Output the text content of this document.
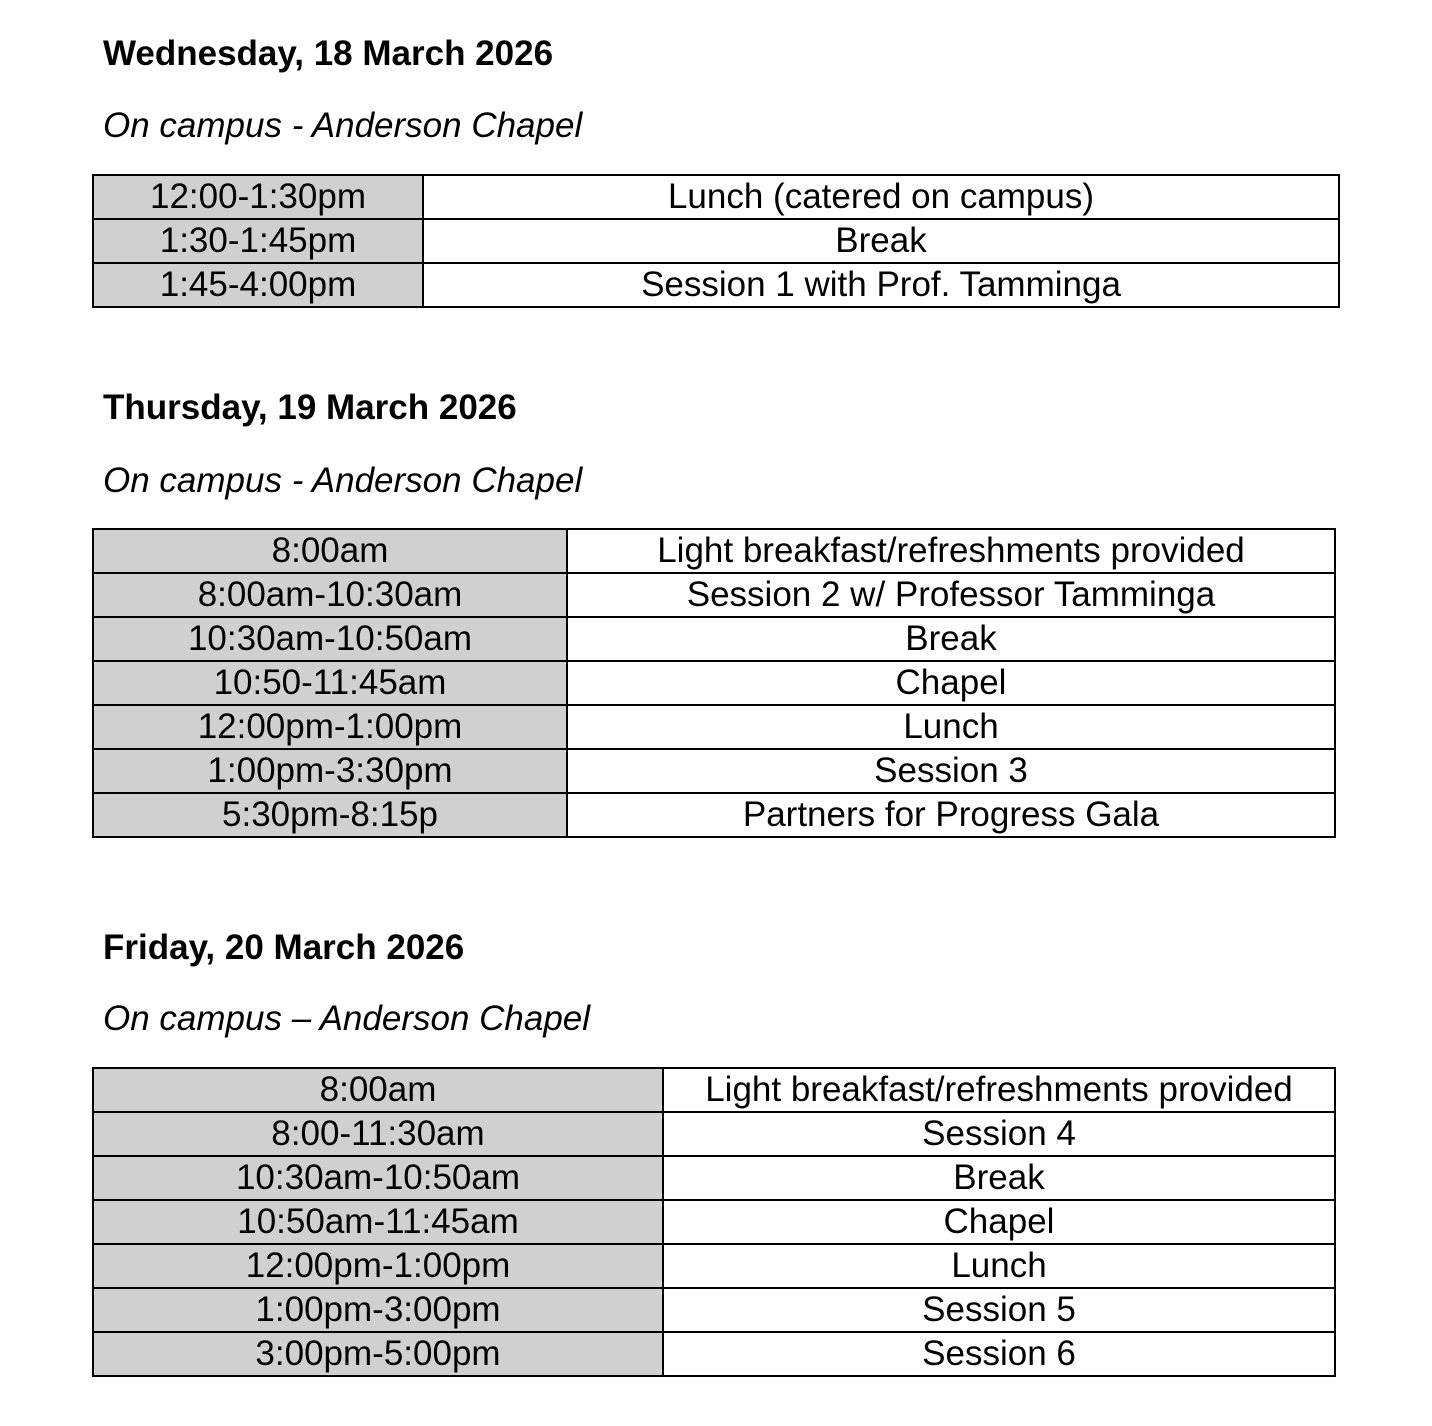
Wednesday, 18 March 2026

On campus - Anderson Chapel

12:00-1:30pm	Lunch (catered on campus)
1:30-1:45pm	Break
1:45-4:00pm	Session 1 with Prof. Tamminga
Thursday, 19 March 2026

On campus - Anderson Chapel

8:00am	Light breakfast/refreshments provided
8:00am-10:30am	Session 2 w/ Professor Tamminga
10:30am-10:50am	Break
10:50-11:45am	Chapel
12:00pm-1:00pm	Lunch
1:00pm-3:30pm	Session 3
5:30pm-8:15p	Partners for Progress Gala
Friday, 20 March 2026

On campus – Anderson Chapel

8:00am	Light breakfast/refreshments provided
8:00-11:30am	Session 4
10:30am-10:50am	Break
10:50am-11:45am	Chapel
12:00pm-1:00pm	Lunch
1:00pm-3:00pm	Session 5
3:00pm-5:00pm	Session 6
